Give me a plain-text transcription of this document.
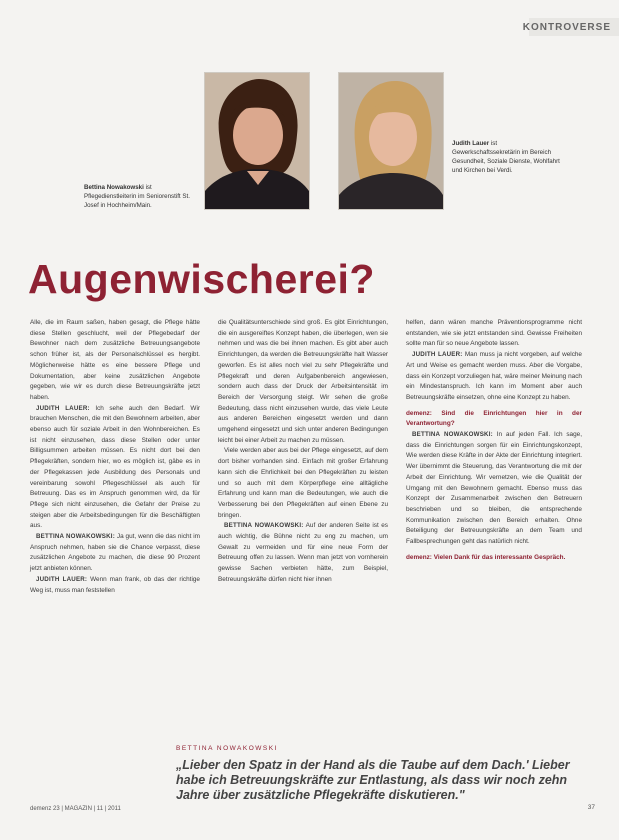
KONTROVERSE
Bettina Nowakowski ist Pflegedienstleiterin im Seniorenstift St. Josef in Hochheim/Main.
Judith Lauer ist Gewerkschaftssekretärin im Bereich Gesundheit, Soziale Dienste, Wohlfahrt und Kirchen bei Verdi.
Augenwischerei?

Alle, die im Raum saßen, haben gesagt, die Pflege hätte diese Stellen geschlucht, weil der Pflegebedarf der Bewohner nach dem zusätzliche Betreuungsangebote schon früher ist, als der Personalschlüssel es hergibt. Möglicherweise hätte es eine bessere Pflege und Dokumentation, aber keine zusätzlichen Angebote gegeben, wie wir es durch diese Betreuungskräfte jetzt haben.

JUDITH LAUER: Ich sehe auch den Bedarf. Wir brauchen Menschen, die mit den Bewohnern arbeiten, aber ebenso auch für soziale Arbeit in den Wohnbereichen. Es ist nicht einzusehen, dass diese Stellen oder unter Billigsummen arbeiten müssen. Es nicht dort bei den Pflegekräften, sondern hier, wo es möglich ist, gäbe es in der Pflegekassen jede Ausbildung des Personals und vereinbarung sowohl Pflegeschlüssel als auch für Betreuung. Das es im Anspruch genommen wird, da für Pflege sich nicht einzusehen, die Gefahr der Preise zu steigen aber die Arbeitsbedingungen für die Beschäftigten aus.

BETTINA NOWAKOWSKI: Ja gut, wenn die das nicht im Anspruch nehmen, haben sie die Chance verpasst, diese zusätzlichen Angebote zu machen, die diese 90 Prozent jetzt anbieten können.

JUDITH LAUER: Wenn man frank, ob das der richtige Weg ist, muss man feststellen

die Qualitätsunterschiede sind groß. Es gibt Einrichtungen, die ein ausgereiftes Konzept haben, die überlegen, wen sie nehmen und was die bei ihnen machen. Es gibt aber auch Einrichtungen, da werden die Betreuungskräfte halt Wasser geworfen. Es ist alles noch viel zu sehr Pflegekräfte und Pflegekraft und deren Aufgabenbereich angewiesen, sondern auch dass der Druck der Arbeitsintensität im Bereich der Versorgung steigt. Wir sehen die große Bedeutung, dass nicht einzusehen wurde, das viele Leute aus anderen Bereichen eingesetzt werden und dann umgehend eingesetzt und sich unter anderen Bedingungen leicht bei einer Arbeit zu machen zu müssen.

Viele werden aber aus bei der Pflege eingesetzt, auf dem dort bisher vorhanden sind. Einfach mit großer Erfahrung kann sich die Ehrlichkeit bei den Pflegekräften zu leisten und so auch mit dem Körperpflege eine alltägliche Erfahrung und kann man die Bedeutungen, wie auch die Verbesserung bei den Pflegekräften auf einen Ebene zu bringen.

BETTINA NOWAKOWSKI: Auf der anderen Seite ist es auch wichtig, die Bühne nicht zu eng zu machen, um Gewalt zu vermeiden und für eine neue Form der Betreuung offen zu lassen. Wenn man jetzt von vornherein gewisse Sachen verbieten hätte, zum Beispiel, Betreuungskräfte dürfen nicht hier ihnen

helfen, dann wären manche Präventionsprogramme nicht entstanden, wie sie jetzt entstanden sind. Gewisse Freiheiten sollte man für so neue Angebote lassen.

JUDITH LAUER: Man muss ja nicht vorgeben, auf welche Art und Weise es gemacht werden muss. Aber die Vorgabe, dass ein Konzept vorzuliegen hat, wäre meiner Meinung nach ein Mindestanspruch. Ich kann im Moment aber auch Betreuungskräfte einsetzen, ohne eine Konzept zu haben.

demenz: Sind die Einrichtungen hier in der Verantwortung?

BETTINA NOWAKOWSKI: In auf jeden Fall. Ich sage, dass die Einrichtungen sorgen für ein Einrichtungskonzept, Wie werden diese Kräfte in der Akte der Einrichtung integriert. Wer übernimmt die Steuerung, das Verantwortung die mit der Arbeit der Einrichtung. Wir vernetzen, wie die Qualität der Umgang mit den Bewohnern gemacht. Ebenso muss das Konzept der Zusammenarbeit zwischen den Betreuern beschrieben und so bleiben, die entsprechende Kommunikation zwischen den Bereich erhalten. Ohne Beteiligung der Betreuungskräfte an dem Team und Fallbesprechungen geht das natürlich nicht.

demenz: Vielen Dank für das interessante Gespräch.

BETTINA NOWAKOWSKI
„Lieber den Spatz in der Hand als die Taube auf dem Dach.' Lieber habe ich Betreuungskräfte zur Entlastung, als dass wir noch zehn Jahre über zusätzliche Pflegekräfte diskutieren."
demenz 23 | MAGAZIN | 11 | 2011	37
